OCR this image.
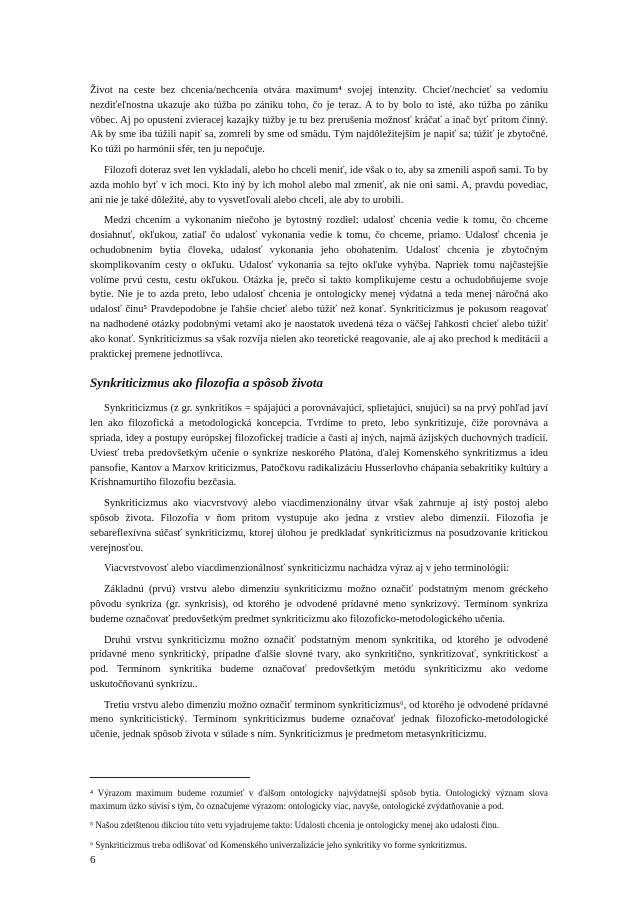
Život na ceste bez chcenia/nechcenia otvára maximum⁴ svojej intenzity. Chcieť/nechcieť sa vedomiu nezdiťeľnostna ukazuje ako túžba po zániku toho, čo je teraz. A to by bolo to isté, ako túžba po zániku vôbec. Aj po opustení zvieracej kazajky túžby je tu bez prerušenia možnosť kráčať a inač byť pritom činný. Ak by sme iba túžili napiť sa, zomreli by sme od smädu. Tým najdôležitejším je napiť sa; túžiť je zbytočné. Ko túži po harmónii sfér, ten ju nepočuje.

Filozofi doteraz svet len vykladali, alebo ho chceli meniť, ide však o to, aby sa zmenili aspoň sami. To by azda mohlo byť v ich moci. Kto iný by ich mohol alebo mal zmeniť, ak nie oni sami. A, pravdu povediac, ani nie je také dôležité, aby to vysvetľovali alebo chceli, ale aby to urobili.

Medzi chcením a vykonaním niečoho je bytostný rozdiel: udalosť chcenia vedie k tomu, čo chceme dosiahnuť, okľukou, zatiaľ čo udalosť vykonania vedie k tomu, čo chceme, priamo. Udalosť chcenia je ochudobnením bytia človeka, udalosť vykonania jeho obohatením. Udalosť chcenia je zbytočným skomplikovaním cesty o okľuku. Udalosť vykonania sa tejto okľuke vyhýba. Napriek tomu najčastejšie volíme prvú cestu, cestu okľukou. Otázka je, prečo si takto komplikujeme cestu a ochudobňujeme svoje bytie. Nie je to azda preto, lebo udalosť chcenia je ontologicky menej výdatná a teda menej náročná ako udalosť činu⁵ Pravdepodobne je ľahšie chcieť alebo túžiť než konať. Synkriticizmus je pokusom reagovať na nadhodené otázky podobnými vetami ako je naostatok uvedená téza o väčšej ľahkosti chcieť alebo túžiť ako konať. Synkriticizmus sa však rozvíja nielen ako teoretické reagovanie, ale aj ako prechod k meditácii a praktickej premene jednotlivca.

Synkriticizmus ako filozofia a spôsob života

Synkriticizmus (z gr. synkritikos = spájajúci a porovnávajúci, splietajúci, snujúci) sa na prvý pohľad javí len ako filozofická a metodologická koncepcia. Tvrdíme to preto, lebo synkritizuje, čiže porovnáva a spriada, idey a postupy európskej filozofickej tradície a časti aj iných, najmä ázijských duchovných tradícií. Uviesť treba predovšetkým učenie o synkríze neskorého Platóna, ďalej Komenského synkritizmus a ideu pansofie, Kantov a Marxov kriticizmus, Patočkovu radikalizáciu Husserlovho chápania sebakritiky kultúry a Krishnamurtiho filozofiu bezčasia.

Synkriticizmus ako viacvrstvový alebo viacdimenzionálny útvar však zahrnuje aj istý postoj alebo spôsob života. Filozofia v ňom pritom vystupuje ako jedna z vrstiev alebo dimenzií. Filozofia je sebareflexívna súčasť synkriticizmu, ktorej úlohou je predkladať synkriticizmus na posudzovanie kritickou verejnosťou.

Viacvrstvovosť alebo viacdimenzionálnosť synkriticizmu nachádza výraz aj v jeho terminológii:

Základnú (prvú) vrstvu alebo dimenziu synkriticizmu možno označiť podstatným menom gréckeho pôvodu synkríza (gr. synkrisis), od ktorého je odvodené prídavné meno synkrizový. Termínom synkríza budeme označovať predovšetkým predmet synkriticizmu ako filozoficko-metodologického učenia.

Druhú vrstvu synkriticizmu možno označiť podstatným menom synkritika, od ktorého je odvodené prídavné meno synkritický, prípadne ďalšie slovné tvary, ako synkritično, synkritizovať, synkritickosť a pod. Termínom synkritika budeme označovať predovšetkým metódu synkriticizmu ako vedome uskutočňovanú synkrízu..

Tretiu vrstvu alebo dimenziu možno označiť termínom synkriticizmus⁶, od ktorého je odvodené prídavné meno synkriticistický. Termínom synkriticizmus budeme označovať jednak filozoficko-metodologické učenie, jednak spôsob života v súlade s ním. Synkriticizmus je predmetom metasynkriticizmu.

⁴ Výrazom maximum budeme rozumieť v ďalšom ontologicky najvýdatnejší spôsob bytia. Ontologický význam slova maximum úzko súvisí s tým, čo označujeme výrazom: ontologicky viac, navyše, ontologické zvýdatňovanie a pod.

⁵ Našou zdetštenou dikciou túto vetu vyjadrujeme takto: Udalosti chcenia je ontologicky menej ako udalosti činu.

⁶ Synkriticizmus treba odlišovať od Komenského univerzalizácie jeho synkritiky vo forme synkritizmus.

6
